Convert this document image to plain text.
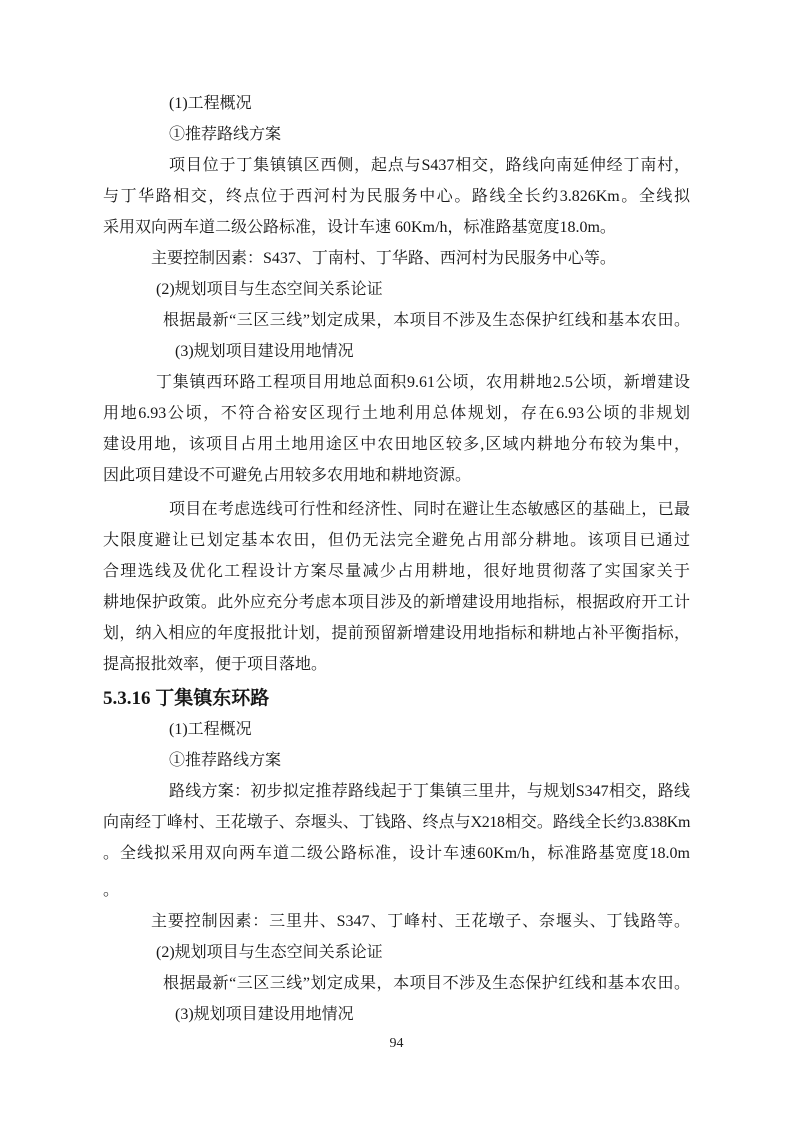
(1)工程概况
①推荐路线方案
项目位于丁集镇镇区西侧，起点与S437相交，路线向南延伸经丁南村，
与丁华路相交，终点位于西河村为民服务中心。路线全长约3.826Km。全线拟
采用双向两车道二级公路标准，设计车速 60Km/h，标准路基宽度18.0m。
主要控制因素：S437、丁南村、丁华路、西河村为民服务中心等。
(2)规划项目与生态空间关系论证
根据最新“三区三线”划定成果，本项目不涉及生态保护红线和基本农田。
(3)规划项目建设用地情况
丁集镇西环路工程项目用地总面积9.61公顷，农用耕地2.5公顷，新增建设
用地6.93公顷，不符合裕安区现行土地利用总体规划，存在6.93公顷的非规划
建设用地，该项目占用土地用途区中农田地区较多,区域内耕地分布较为集中，
因此项目建设不可避免占用较多农用地和耕地资源。
项目在考虑选线可行性和经济性、同时在避让生态敏感区的基础上，已最
大限度避让已划定基本农田，但仍无法完全避免占用部分耕地。该项目已通过
合理选线及优化工程设计方案尽量减少占用耕地，很好地贯彻落了实国家关于
耕地保护政策。此外应充分考虑本项目涉及的新增建设用地指标，根据政府开工计
划，纳入相应的年度报批计划，提前预留新增建设用地指标和耕地占补平衡指标，
提高报批效率，便于项目落地。
5.3.16 丁集镇东环路
(1)工程概况
①推荐路线方案
路线方案：初步拟定推荐路线起于丁集镇三里井，与规划S347相交，路线
向南经丁峰村、王花墩子、奈堰头、丁钱路、终点与X218相交。路线全长约3.838Km
。全线拟采用双向两车道二级公路标准，设计车速60Km/h，标准路基宽度18.0m
。
主要控制因素：三里井、S347、丁峰村、王花墩子、奈堰头、丁钱路等。
(2)规划项目与生态空间关系论证
根据最新“三区三线”划定成果，本项目不涉及生态保护红线和基本农田。
(3)规划项目建设用地情况
94
